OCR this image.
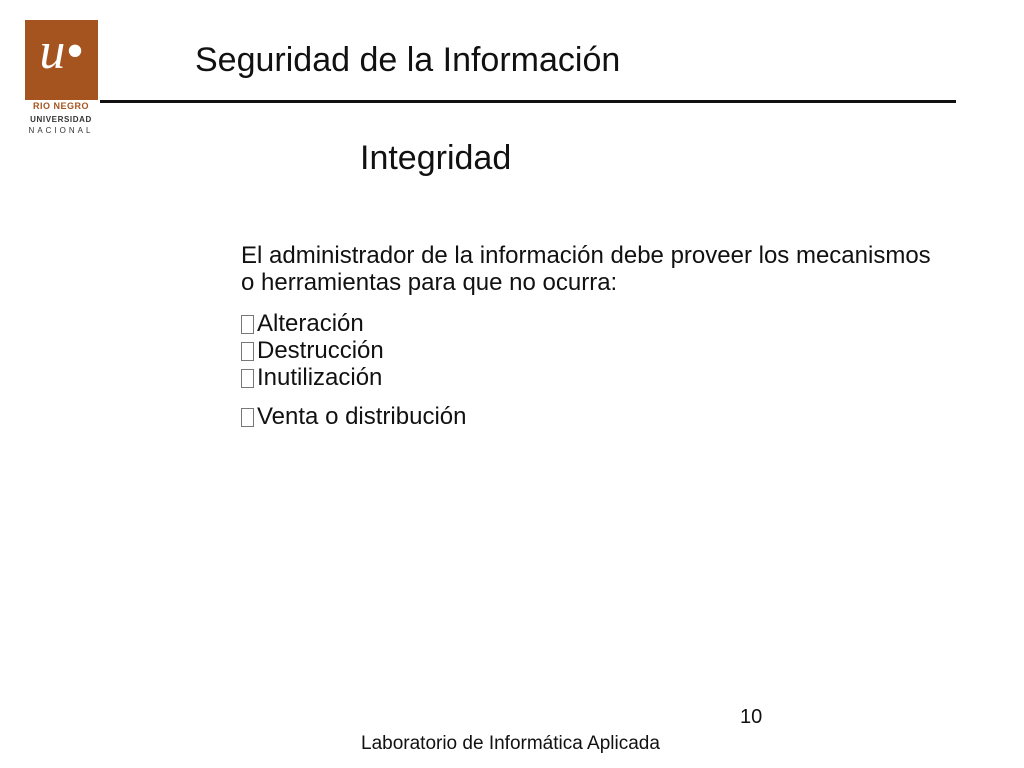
u•
RIO NEGRO
UNIVERSIDAD
NACIONAL
Seguridad de la Información
Integridad
El administrador de la información debe proveer los mecanismos o herramientas para que no ocurra:
Alteración
Destrucción
Inutilización
Venta o distribución
10
Laboratorio de Informática Aplicada
